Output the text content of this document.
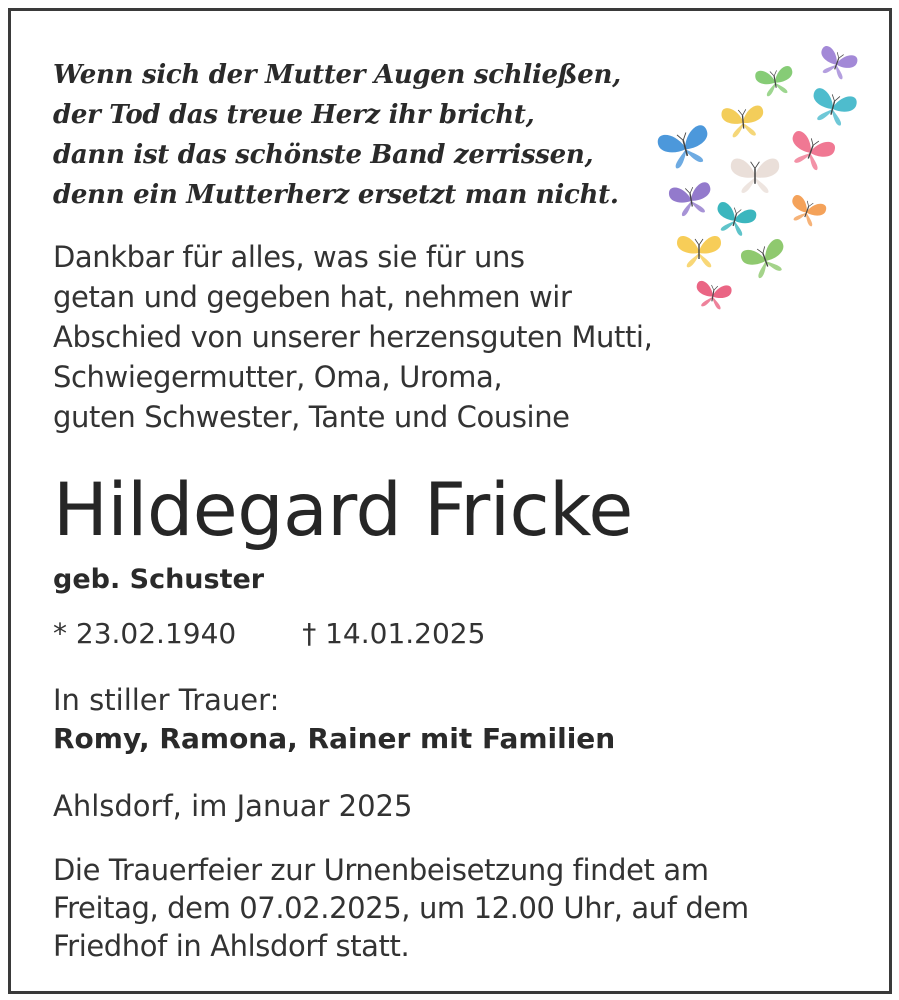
Wenn sich der Mutter Augen schließen,
der Tod das treue Herz ihr bricht,
dann ist das schönste Band zerrissen,
denn ein Mutterherz ersetzt man nicht.
Dankbar für alles, was sie für uns
getan und gegeben hat, nehmen wir
Abschied von unserer herzensguten Mutti,
Schwiegermutter, Oma, Uroma,
guten Schwester, Tante und Cousine
Hildegard Fricke
geb. Schuster
* 23.02.1940 † 14.01.2025
In stiller Trauer:
Romy, Ramona, Rainer mit Familien
Ahlsdorf, im Januar 2025
Die Trauerfeier zur Urnenbeisetzung findet am
Freitag, dem 07.02.2025, um 12.00 Uhr, auf dem
Friedhof in Ahlsdorf statt.
